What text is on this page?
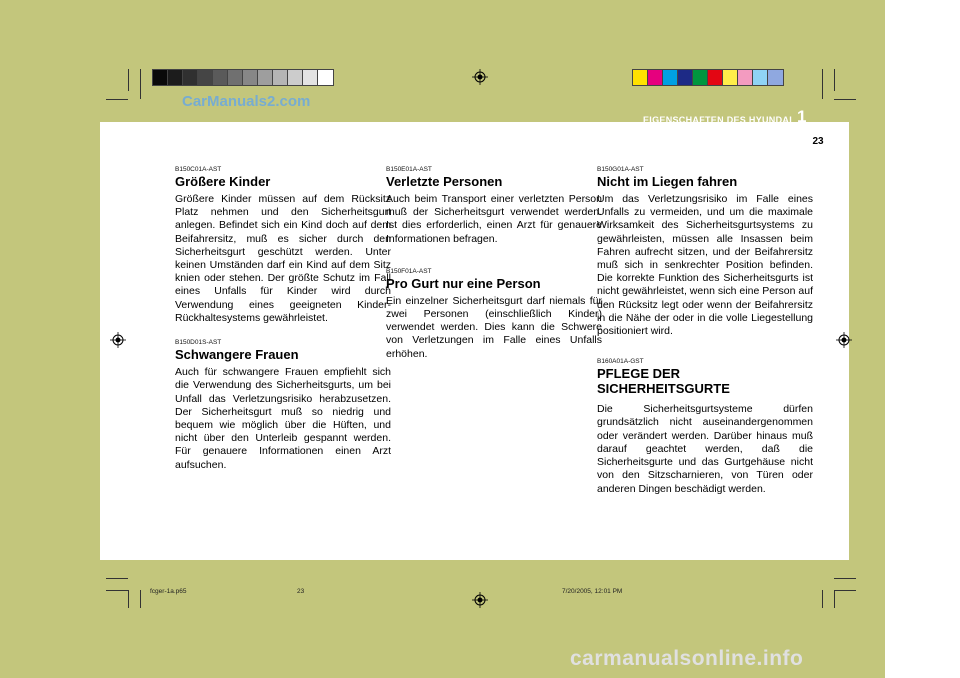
CarManuals2.com
EIGENSCHAFTEN DES HYUNDAI 1
23
B150C01A-AST
Größere Kinder

Größere Kinder müssen auf dem Rücksitz Platz nehmen und den Sicherheitsgurt anlegen. Befindet sich ein Kind doch auf dem Beifahrersitz, muß es sicher durch den Sicherheitsgurt geschützt werden. Unter keinen Umständen darf ein Kind auf dem Sitz knien oder stehen. Der größte Schutz im Fall eines Unfalls für Kinder wird durch Verwendung eines geeigneten Kinder-Rückhaltesystems gewährleistet.

B150D01S-AST
Schwangere Frauen

Auch für schwangere Frauen empfiehlt sich die Verwendung des Sicherheitsgurts, um bei Unfall das Verletzungsrisiko herabzusetzen. Der Sicherheitsgurt muß so niedrig und bequem wie möglich über die Hüften, und nicht über den Unterleib gespannt werden. Für genauere Informationen einen Arzt aufsuchen.

B150E01A-AST
Verletzte Personen

Auch beim Transport einer verletzten Person muß der Sicherheitsgurt verwendet werden. Ist dies erforderlich, einen Arzt für genauere Informationen befragen.

B150F01A-AST
Pro Gurt nur eine Person

Ein einzelner Sicherheitsgurt darf niemals für zwei Personen (einschließlich Kinder) verwendet werden. Dies kann die Schwere von Verletzungen im Falle eines Unfalls erhöhen.

B150G01A-AST
Nicht im Liegen fahren

Um das Verletzungsrisiko im Falle eines Unfalls zu vermeiden, und um die maximale Wirksamkeit des Sicherheitsgurtsystems zu gewährleisten, müssen alle Insassen beim Fahren aufrecht sitzen, und der Beifahrersitz muß sich in senkrechter Position befinden. Die korrekte Funktion des Sicherheitsgurts ist nicht gewährleistet, wenn sich eine Person auf den Rücksitz legt oder wenn der Beifahrersitz in die Nähe der oder in die volle Liegestellung positioniert wird.

B160A01A-GST
PFLEGE DER SICHERHEITSGURTE

Die Sicherheitsgurtsysteme dürfen grundsätzlich nicht auseinandergenommen oder verändert werden. Darüber hinaus muß darauf geachtet werden, daß die Sicherheitsgurte und das Gurtgehäuse nicht von den Sitzscharnieren, von Türen oder anderen Dingen beschädigt werden.

fcger-1a.p65	23	7/20/2005, 12:01 PM
carmanualsonline.info
